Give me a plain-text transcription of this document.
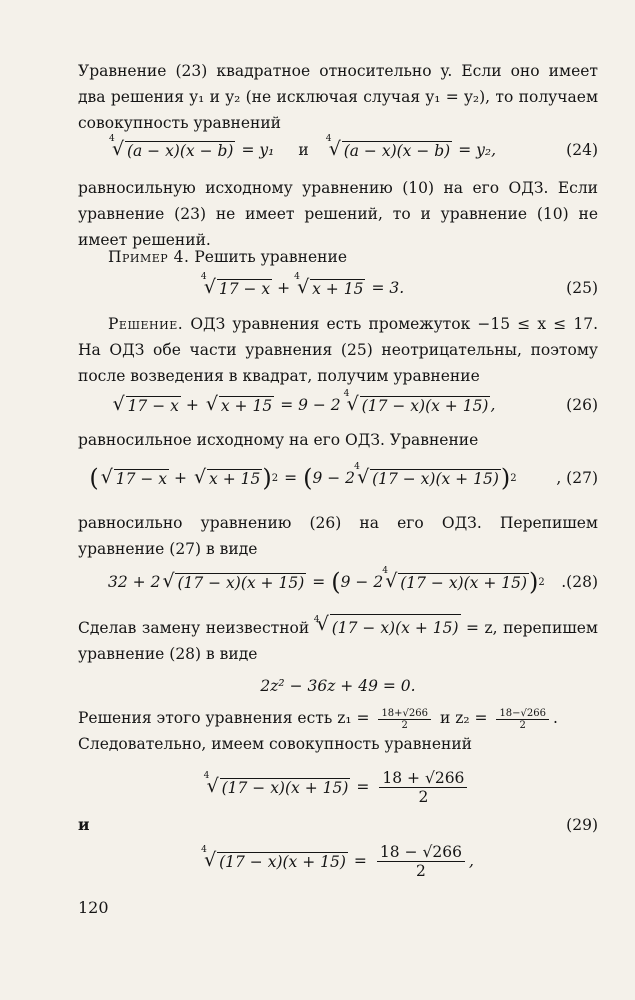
Уравнение (23) квадратное относительно y. Если оно имеет два решения y₁ и y₂ (не исключая случая y₁ = y₂), то получаем совокупность уравнений
√ 4
(a − x)(x − b) = y₁ и
√ 4
(a − x)(x − b) = y₂,	(24)
равносильную исходному уравнению (10) на его ОДЗ. Если уравнение (23) не имеет решений, то и уравнение (10) не имеет решений.
Пример 4. Решить уравнение
√ 4
17 − x +
√ 4
x + 15 = 3.	(25)
Решение. ОДЗ уравнения есть промежуток −15 ≤ x ≤ 17. На ОДЗ обе части уравнения (25) неотрицательны, поэтому после возведения в квадрат, получим уравнение
√ 17 − x +	√ x + 15 = 9 − 2
√ 4
(17 − x)(x + 15) ,	(26)
равносильное исходному на его ОДЗ. Уравнение
(	√ 17 − x +	√ x + 15 ) 2 = ( 9 − 2
√ 4
(17 − x)(x + 15) ) 2	, (27)
равносильно уравнению (26) на его ОДЗ. Перепишем уравнение (27) в виде
32 + 2	√ (17 − x)(x + 15) = ( 9 − 2
√ 4
(17 − x)(x + 15) ) 2 .(28)
Сделав замену неизвестной √ 4 (17 − x)(x + 15) = z, перепишем уравнение (28) в виде
2z² − 36z + 49 = 0.
Решения этого уравнения есть $z_1 = \frac{18+√266}{2}$ и $z_2 = \frac{18-√266}{2}$ .
Следовательно, имеем совокупность уравнений
√ 4
$(17 - x)(x + 15) = \frac{18 + √266}{2}$
и	(29)
√ 4
$(17 - x)(x + 15) = \frac{18 - √266}{2}$ ,
120
